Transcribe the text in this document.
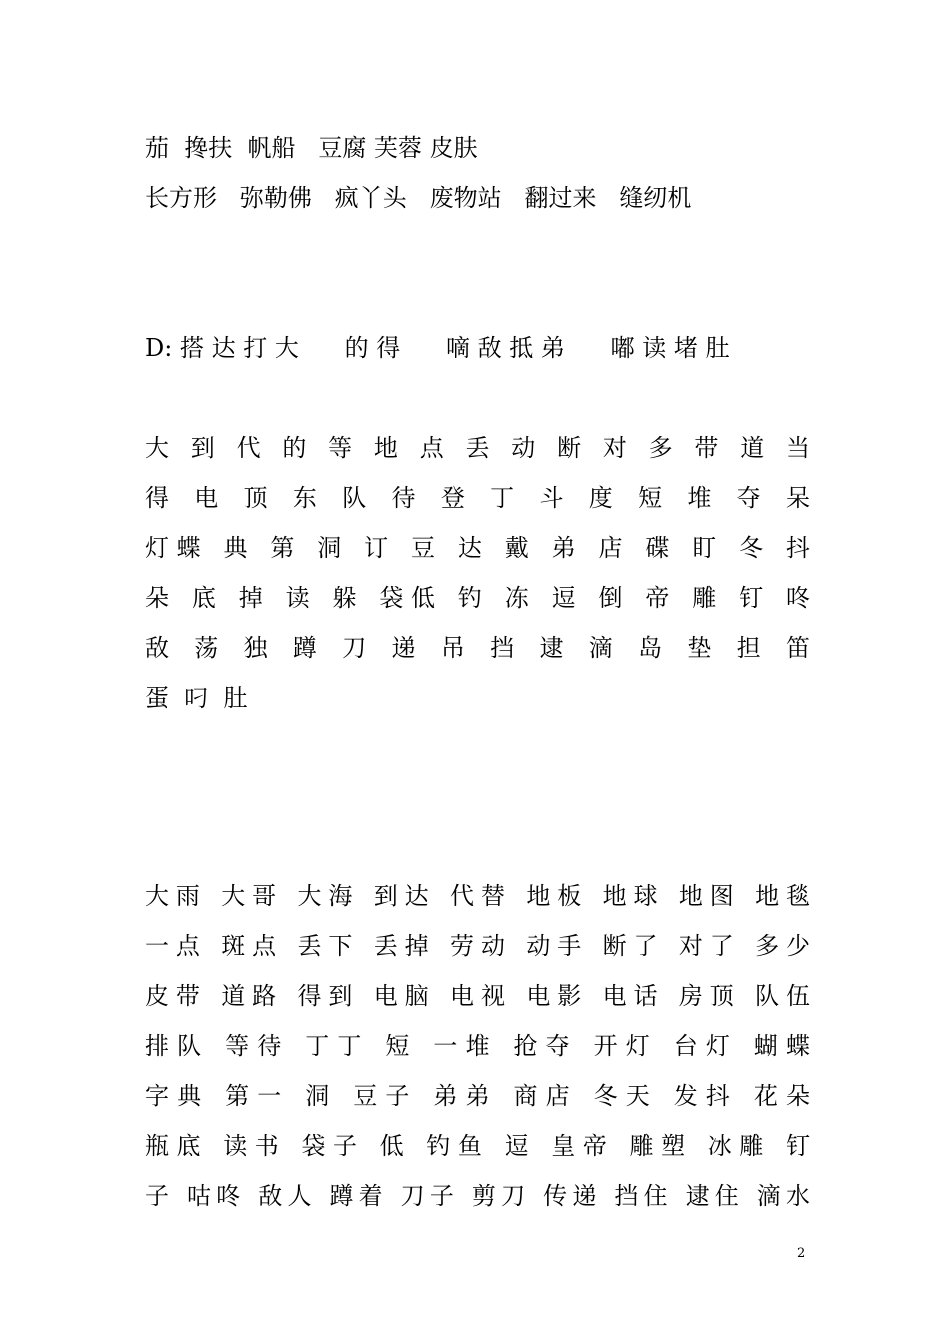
茄  搀扶  帆船   豆腐 芙蓉 皮肤
长方形   弥勒佛   疯丫头   废物站   翻过来   缝纫机
D: 搭 达 打 大      的 得      嘀 敌 抵 弟      嘟 读 堵 肚
大 到 代 的 等 地 点 丢 动 断 对 多 带 道 当
得 电 顶 东 队 待 登 丁 斗 度 短 堆 夺 呆
灯蝶 典 第 洞 订 豆 达 戴 弟 店 碟 盯 冬 抖
朵 底 掉 读 躲 袋低 钓 冻 逗 倒 帝 雕 钉 咚
敌 荡 独 蹲 刀 递 吊 挡 逮 滴 岛 垫 担 笛
蛋  叼  肚
大雨 大哥 大海 到达 代替 地板 地球 地图 地毯
一点 斑点 丢下 丢掉 劳动 动手 断了 对了 多少
皮带 道路 得到 电脑 电视 电影 电话 房顶 队伍
排队 等待 丁丁 短 一堆 抢夺 开灯 台灯 蝴蝶
字典 第一 洞 豆子 弟弟 商店 冬天 发抖 花朵
瓶底 读书 袋子 低 钓鱼 逗 皇帝 雕塑 冰雕 钉
子 咕咚 敌人 蹲着 刀子 剪刀 传递 挡住 逮住 滴水
2
